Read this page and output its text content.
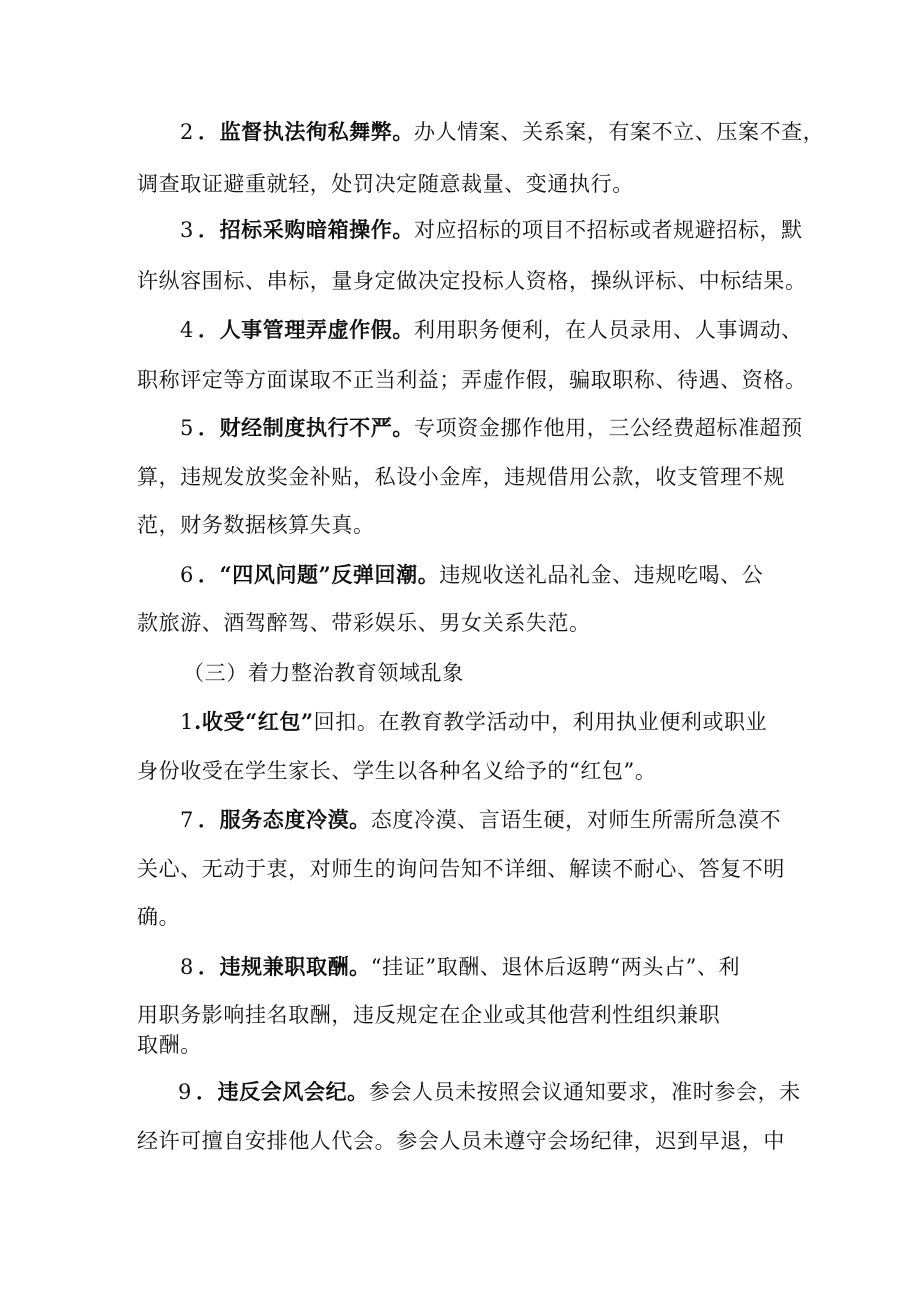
2 ．监督执法徇私舞弊。办人情案、关系案，有案不立、压案不查，
调查取证避重就轻，处罚决定随意裁量、变通执行。
3 ．招标采购暗箱操作。对应招标的项目不招标或者规避招标，默
许纵容围标、串标，量身定做决定投标人资格，操纵评标、中标结果。
4 ．人事管理弄虚作假。利用职务便利，在人员录用、人事调动、
职称评定等方面谋取不正当利益；弄虚作假，骗取职称、待遇、资格。
5 ．财经制度执行不严。专项资金挪作他用，三公经费超标准超预
算，违规发放奖金补贴，私设小金库，违规借用公款，收支管理不规
范，财务数据核算失真。
6 ．“四风问题”反弹回潮。违规收送礼品礼金、违规吃喝、公
款旅游、酒驾醉驾、带彩娱乐、男女关系失范。
（三）着力整治教育领域乱象
1.收受“红包”回扣。在教育教学活动中，利用执业便利或职业
身份收受在学生家长、学生以各种名义给予的“红包”。
7 ．服务态度冷漠。态度冷漠、言语生硬，对师生所需所急漠不
关心、无动于衷，对师生的询问告知不详细、解读不耐心、答复不明
确。
8 ．违规兼职取酬。“挂证”取酬、退休后返聘“两头占”、利
用职务影响挂名取酬，违反规定在企业或其他营利性组织兼职
取酬。
9 ．违反会风会纪。参会人员未按照会议通知要求，准时参会，未
经许可擅自安排他人代会。参会人员未遵守会场纪律，迟到早退，中
